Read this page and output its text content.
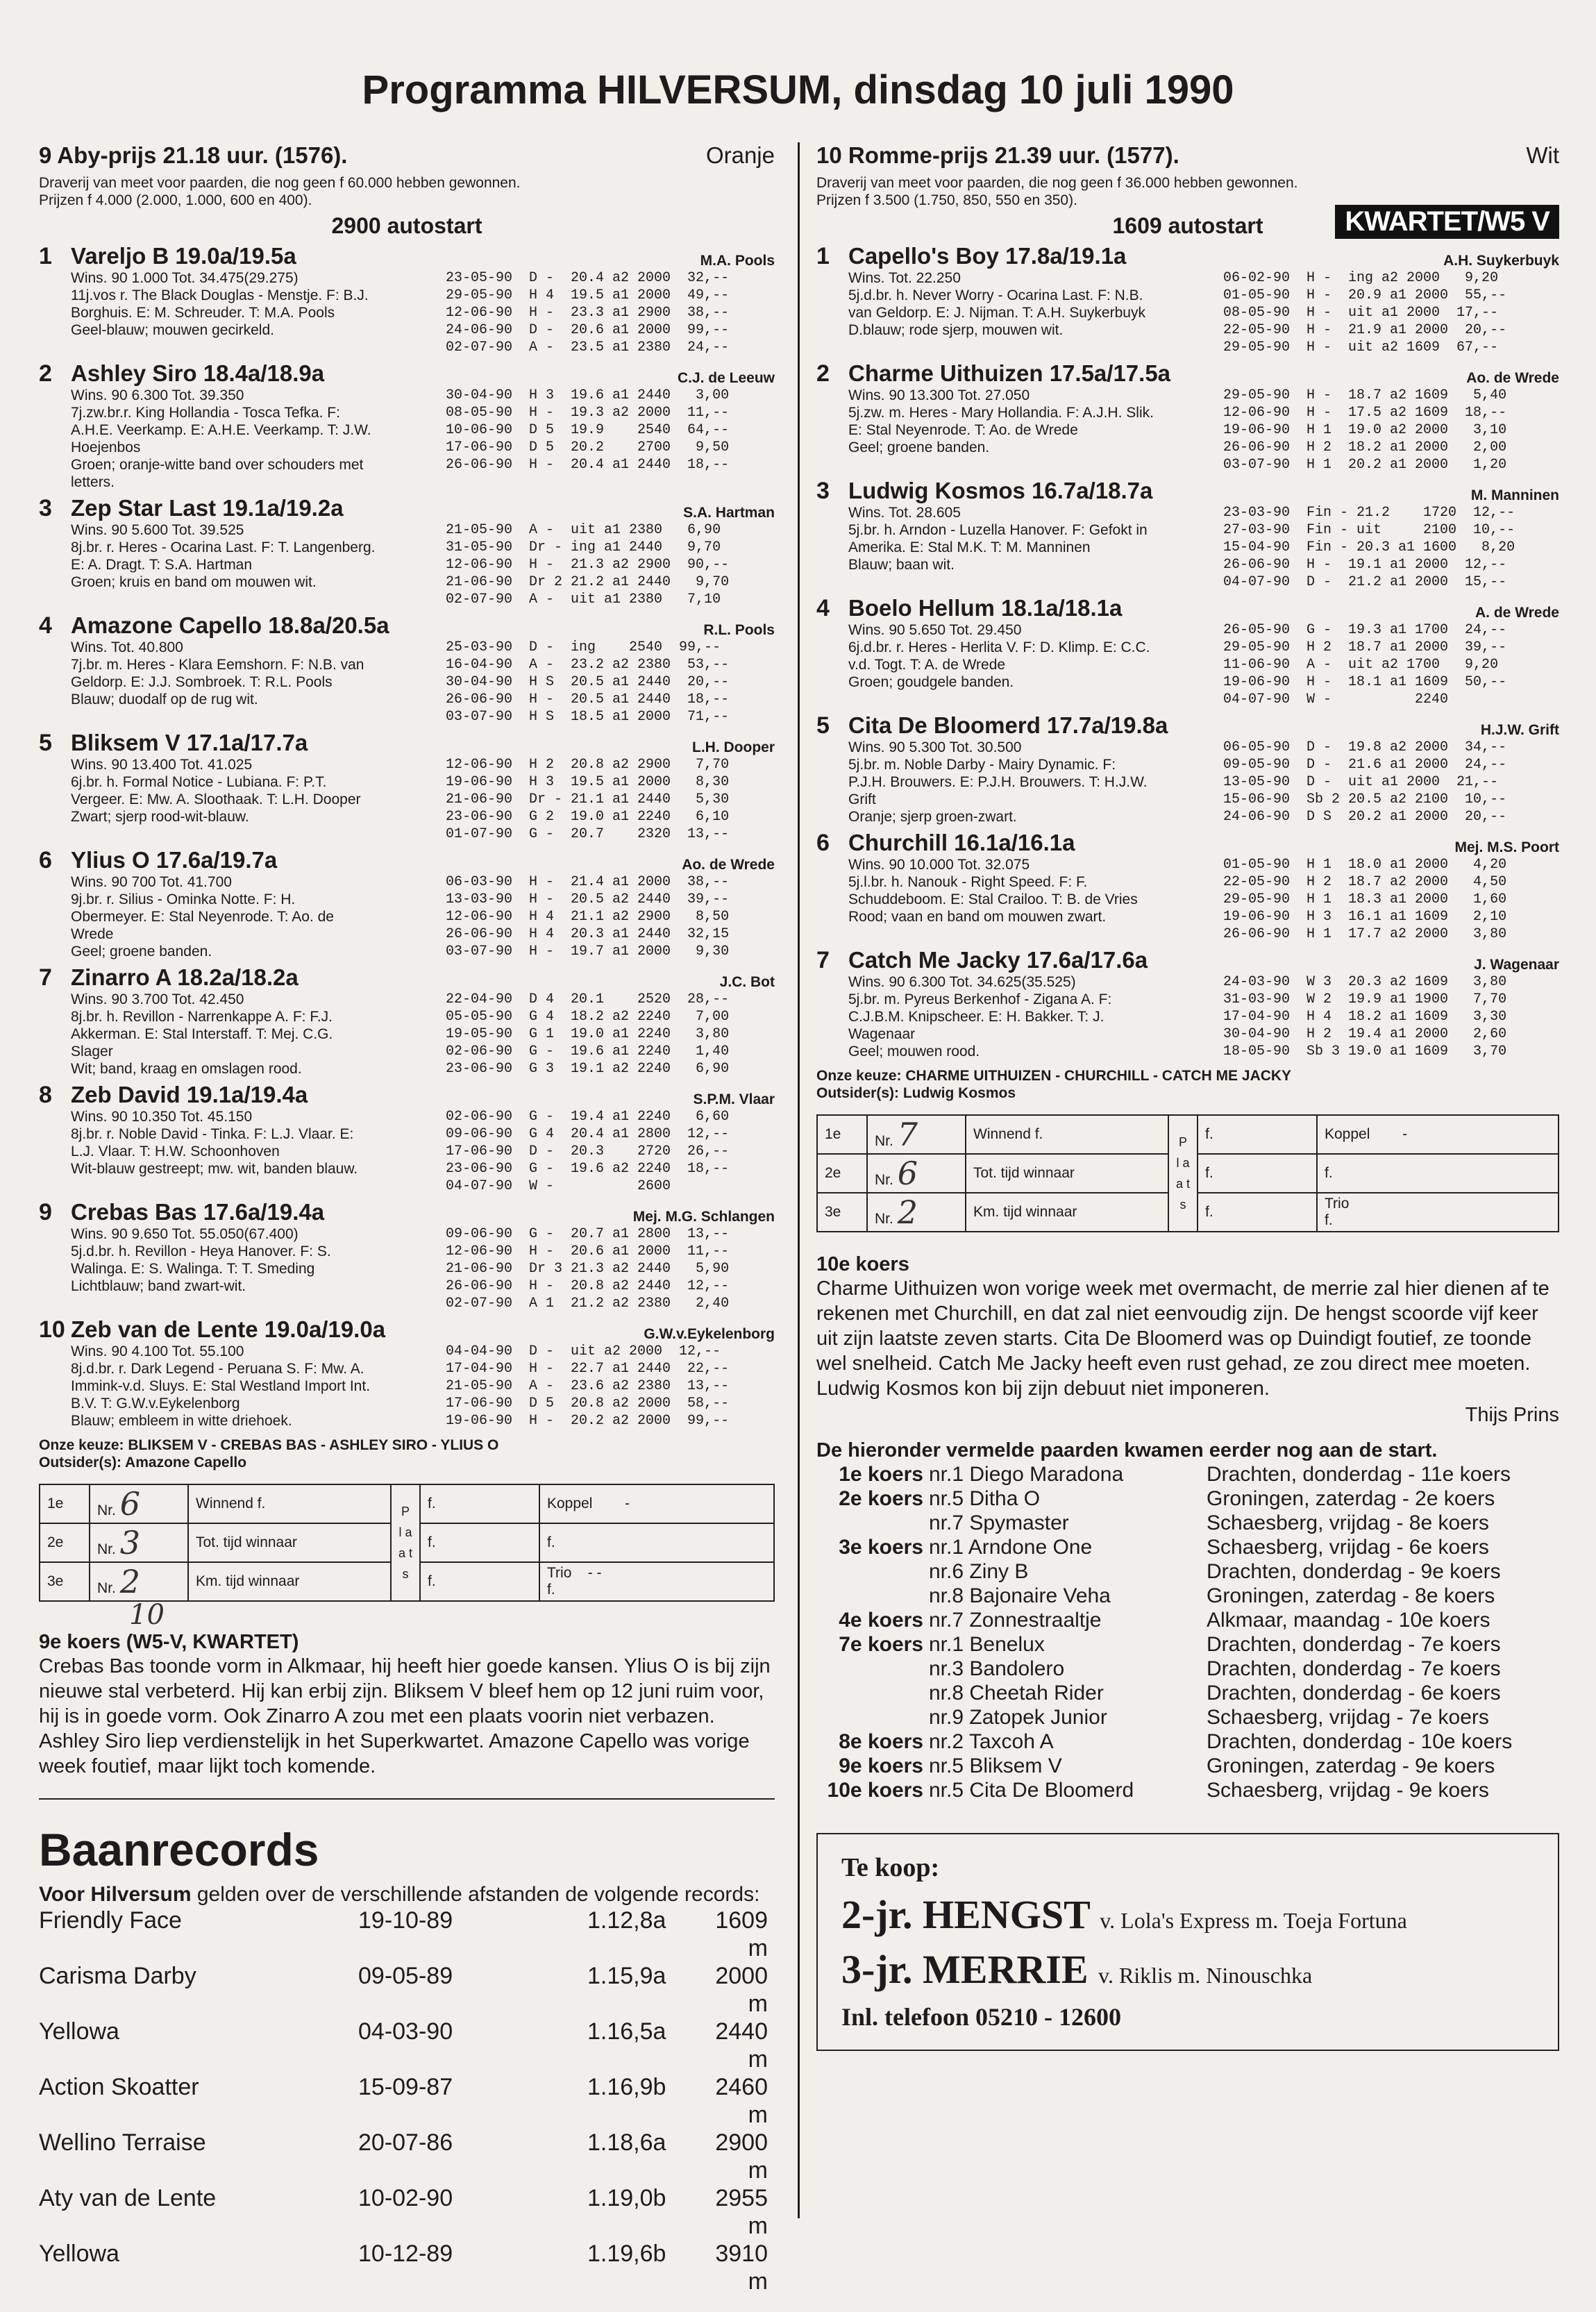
Programma HILVERSUM, dinsdag 10 juli 1990
9 Aby-prijs 21.18 uur. (1576).	Oranje
Draverij van meet voor paarden, die nog geen f 60.000 hebben gewonnen.
Prijzen f 4.000 (2.000, 1.000, 600 en 400).
2900 autostart
1 Vareljo B 19.0a/19.5a	M.A. Pools
Wins. 90 1.000 Tot. 34.475(29.275)
11j.vos r. The Black Douglas - Menstje. F: B.J.
Borghuis. E: M. Schreuder. T: M.A. Pools
Geel-blauw; mouwen gecirkeld.
23-05-90  D -  20.4 a2 2000  32,--
29-05-90  H 4  19.5 a1 2000  49,--
12-06-90  H -  23.3 a1 2900  38,--
24-06-90  D -  20.6 a1 2000  99,--
02-07-90  A -  23.5 a1 2380  24,--
2 Ashley Siro 18.4a/18.9a	C.J. de Leeuw
Wins. 90 6.300 Tot. 39.350
7j.zw.br.r. King Hollandia - Tosca Tefka. F:
A.H.E. Veerkamp. E: A.H.E. Veerkamp. T: J.W.
Hoejenbos
Groen; oranje-witte band over schouders met
letters.
30-04-90  H 3  19.6 a1 2440   3,00
08-05-90  H -  19.3 a2 2000  11,--
10-06-90  D 5  19.9    2540  64,--
17-06-90  D 5  20.2    2700   9,50
26-06-90  H -  20.4 a1 2440  18,--
3 Zep Star Last 19.1a/19.2a	S.A. Hartman
Wins. 90 5.600 Tot. 39.525
8j.br. r. Heres - Ocarina Last. F: T. Langenberg.
E: A. Dragt. T: S.A. Hartman
Groen; kruis en band om mouwen wit.
21-05-90  A -  uit a1 2380   6,90
31-05-90  Dr - ing a1 2440   9,70
12-06-90  H -  21.3 a2 2900  90,--
21-06-90  Dr 2 21.2 a1 2440   9,70
02-07-90  A -  uit a1 2380   7,10
4 Amazone Capello 18.8a/20.5a	R.L. Pools
Wins. Tot. 40.800
7j.br. m. Heres - Klara Eemshorn. F: N.B. van
Geldorp. E: J.J. Sombroek. T: R.L. Pools
Blauw; duodalf op de rug wit.
25-03-90  D -  ing    2540  99,--
16-04-90  A -  23.2 a2 2380  53,--
30-04-90  H S  20.5 a1 2440  20,--
26-06-90  H -  20.5 a1 2440  18,--
03-07-90  H S  18.5 a1 2000  71,--
5 Bliksem V 17.1a/17.7a	L.H. Dooper
Wins. 90 13.400 Tot. 41.025
6j.br. h. Formal Notice - Lubiana. F: P.T.
Vergeer. E: Mw. A. Sloothaak. T: L.H. Dooper
Zwart; sjerp rood-wit-blauw.
12-06-90  H 2  20.8 a2 2900   7,70
19-06-90  H 3  19.5 a1 2000   8,30
21-06-90  Dr - 21.1 a1 2440   5,30
23-06-90  G 2  19.0 a1 2240   6,10
01-07-90  G -  20.7    2320  13,--
6 Ylius O 17.6a/19.7a	Ao. de Wrede
Wins. 90 700 Tot. 41.700
9j.br. r. Silius - Ominka Notte. F: H.
Obermeyer. E: Stal Neyenrode. T: Ao. de
Wrede
Geel; groene banden.
06-03-90  H -  21.4 a1 2000  38,--
13-03-90  H -  20.5 a2 2440  39,--
12-06-90  H 4  21.1 a2 2900   8,50
26-06-90  H 4  20.3 a1 2440  32,15
03-07-90  H -  19.7 a1 2000   9,30
7 Zinarro A 18.2a/18.2a	J.C. Bot
Wins. 90 3.700 Tot. 42.450
8j.br. h. Revillon - Narrenkappe A. F: F.J.
Akkerman. E: Stal Interstaff. T: Mej. C.G.
Slager
Wit; band, kraag en omslagen rood.
22-04-90  D 4  20.1    2520  28,--
05-05-90  G 4  18.2 a2 2240   7,00
19-05-90  G 1  19.0 a1 2240   3,80
02-06-90  G -  19.6 a1 2240   1,40
23-06-90  G 3  19.1 a2 2240   6,90
8 Zeb David 19.1a/19.4a	S.P.M. Vlaar
Wins. 90 10.350 Tot. 45.150
8j.br. r. Noble David - Tinka. F: L.J. Vlaar. E:
L.J. Vlaar. T: H.W. Schoonhoven
Wit-blauw gestreept; mw. wit, banden blauw.
02-06-90  G -  19.4 a1 2240   6,60
09-06-90  G 4  20.4 a1 2800  12,--
17-06-90  D -  20.3    2720  26,--
23-06-90  G -  19.6 a2 2240  18,--
04-07-90  W -          2600
9 Crebas Bas 17.6a/19.4a	Mej. M.G. Schlangen
Wins. 90 9.650 Tot. 55.050(67.400)
5j.d.br. h. Revillon - Heya Hanover. F: S.
Walinga. E: S. Walinga. T: T. Smeding
Lichtblauw; band zwart-wit.
09-06-90  G -  20.7 a1 2800  13,--
12-06-90  H -  20.6 a1 2000  11,--
21-06-90  Dr 3 21.3 a2 2440   5,90
26-06-90  H -  20.8 a2 2440  12,--
02-07-90  A 1  21.2 a2 2380   2,40
10 Zeb van de Lente 19.0a/19.0a	G.W.v.Eykelenborg
Wins. 90 4.100 Tot. 55.100
8j.d.br. r. Dark Legend - Peruana S. F: Mw. A.
Immink-v.d. Sluys. E: Stal Westland Import Int.
B.V. T: G.W.v.Eykelenborg
Blauw; embleem in witte driehoek.
04-04-90  D -  uit a2 2000  12,--
17-04-90  H -  22.7 a1 2440  22,--
21-05-90  A -  23.6 a2 2380  13,--
17-06-90  D 5  20.8 a2 2000  58,--
19-06-90  H -  20.2 a2 2000  99,--
Onze keuze: BLIKSEM V - CREBAS BAS - ASHLEY SIRO - YLIUS O
Outsider(s): Amazone Capello
1e	Nr. 6	Winnend f.	P l a a t s	f.	Koppel -
2e	Nr. 3	Tot. tijd winnaar		f.	f.
3e	Nr. 2	Km. tijd winnaar		f.	Trio - -
f.
10
9e koers (W5-V, KWARTET)
Crebas Bas toonde vorm in Alkmaar, hij heeft hier goede kansen. Ylius O is bij zijn nieuwe stal verbeterd. Hij kan erbij zijn. Bliksem V bleef hem op 12 juni ruim voor, hij is in goede vorm. Ook Zinarro A zou met een plaats voorin niet verbazen. Ashley Siro liep verdienstelijk in het Superkwartet. Amazone Capello was vorige week foutief, maar lijkt toch komende.
Baanrecords
Voor Hilversum gelden over de verschillende afstanden de volgende records:
Friendly Face	19-10-89	1.12,8a	1609 m
Carisma Darby	09-05-89	1.15,9a	2000 m
Yellowa	04-03-90	1.16,5a	2440 m
Action Skoatter	15-09-87	1.16,9b	2460 m
Wellino Terraise	20-07-86	1.18,6a	2900 m
Aty van de Lente	10-02-90	1.19,0b	2955 m
Yellowa	10-12-89	1.19,6b	3910 m
10 Romme-prijs 21.39 uur. (1577).	Wit
Draverij van meet voor paarden, die nog geen f 36.000 hebben gewonnen.
Prijzen f 3.500 (1.750, 850, 550 en 350).
1609 autostart	KWARTET/W5 V
1 Capello's Boy 17.8a/19.1a	A.H. Suykerbuyk
Wins. Tot. 22.250
5j.d.br. h. Never Worry - Ocarina Last. F: N.B.
van Geldorp. E: J. Nijman. T: A.H. Suykerbuyk
D.blauw; rode sjerp, mouwen wit.
06-02-90  H -  ing a2 2000   9,20
01-05-90  H -  20.9 a1 2000  55,--
08-05-90  H -  uit a1 2000  17,--
22-05-90  H -  21.9 a1 2000  20,--
29-05-90  H -  uit a2 1609  67,--
2 Charme Uithuizen 17.5a/17.5a	Ao. de Wrede
Wins. 90 13.300 Tot. 27.050
5j.zw. m. Heres - Mary Hollandia. F: A.J.H. Slik.
E: Stal Neyenrode. T: Ao. de Wrede
Geel; groene banden.
29-05-90  H -  18.7 a2 1609   5,40
12-06-90  H -  17.5 a2 1609  18,--
19-06-90  H 1  19.0 a2 2000   3,10
26-06-90  H 2  18.2 a1 2000   2,00
03-07-90  H 1  20.2 a1 2000   1,20
3 Ludwig Kosmos 16.7a/18.7a	M. Manninen
Wins. Tot. 28.605
5j.br. h. Arndon - Luzella Hanover. F: Gefokt in
Amerika. E: Stal M.K. T: M. Manninen
Blauw; baan wit.
23-03-90  Fin - 21.2    1720  12,--
27-03-90  Fin - uit     2100  10,--
15-04-90  Fin - 20.3 a1 1600   8,20
26-06-90  H -  19.1 a1 2000  12,--
04-07-90  D -  21.2 a1 2000  15,--
4 Boelo Hellum 18.1a/18.1a	A. de Wrede
Wins. 90 5.650 Tot. 29.450
6j.d.br. r. Heres - Herlita V. F: D. Klimp. E: C.C.
v.d. Togt. T: A. de Wrede
Groen; goudgele banden.
26-05-90  G -  19.3 a1 1700  24,--
29-05-90  H 2  18.7 a1 2000  39,--
11-06-90  A -  uit a2 1700   9,20
19-06-90  H -  18.1 a1 1609  50,--
04-07-90  W -          2240
5 Cita De Bloomerd 17.7a/19.8a	H.J.W. Grift
Wins. 90 5.300 Tot. 30.500
5j.br. m. Noble Darby - Mairy Dynamic. F:
P.J.H. Brouwers. E: P.J.H. Brouwers. T: H.J.W.
Grift
Oranje; sjerp groen-zwart.
06-05-90  D -  19.8 a2 2000  34,--
09-05-90  D -  21.6 a1 2000  24,--
13-05-90  D -  uit a1 2000  21,--
15-06-90  Sb 2 20.5 a2 2100  10,--
24-06-90  D S  20.2 a1 2000  20,--
6 Churchill 16.1a/16.1a	Mej. M.S. Poort
Wins. 90 10.000 Tot. 32.075
5j.l.br. h. Nanouk - Right Speed. F: F.
Schuddeboom. E: Stal Crailoo. T: B. de Vries
Rood; vaan en band om mouwen zwart.
01-05-90  H 1  18.0 a1 2000   4,20
22-05-90  H 2  18.7 a2 2000   4,50
29-05-90  H 1  18.3 a1 2000   1,60
19-06-90  H 3  16.1 a1 1609   2,10
26-06-90  H 1  17.7 a2 2000   3,80
7 Catch Me Jacky 17.6a/17.6a	J. Wagenaar
Wins. 90 6.300 Tot. 34.625(35.525)
5j.br. m. Pyreus Berkenhof - Zigana A. F:
C.J.B.M. Knipscheer. E: H. Bakker. T: J.
Wagenaar
Geel; mouwen rood.
24-03-90  W 3  20.3 a2 1609   3,80
31-03-90  W 2  19.9 a1 1900   7,70
17-04-90  H 4  18.2 a1 1609   3,30
30-04-90  H 2  19.4 a1 2000   2,60
18-05-90  Sb 3 19.0 a1 1609   3,70
Onze keuze: CHARME UITHUIZEN - CHURCHILL - CATCH ME JACKY
Outsider(s): Ludwig Kosmos
1e	Nr. 7	Winnend f.	P l a a t s	f.	Koppel -
2e	Nr. 6	Tot. tijd winnaar		f.	f.
3e	Nr. 2	Km. tijd winnaar		f.	Trio
f.
10e koers
Charme Uithuizen won vorige week met overmacht, de merrie zal hier dienen af te rekenen met Churchill, en dat zal niet eenvoudig zijn. De hengst scoorde vijf keer uit zijn laatste zeven starts. Cita De Bloomerd was op Duindigt foutief, ze toonde wel snelheid. Catch Me Jacky heeft even rust gehad, ze zou direct mee moeten. Ludwig Kosmos kon bij zijn debuut niet imponeren.
Thijs Prins
De hieronder vermelde paarden kwamen eerder nog aan de start.
1e koers nr.1 Diego Maradona	Drachten, donderdag - 11e koers
2e koers nr.5 Ditha O	Groningen, zaterdag - 2e koers
nr.7 Spymaster	Schaesberg, vrijdag - 8e koers
3e koers nr.1 Arndone One	Schaesberg, vrijdag - 6e koers
nr.6 Ziny B	Drachten, donderdag - 9e koers
nr.8 Bajonaire Veha	Groningen, zaterdag - 8e koers
4e koers nr.7 Zonnestraaltje	Alkmaar, maandag - 10e koers
7e koers nr.1 Benelux	Drachten, donderdag - 7e koers
nr.3 Bandolero	Drachten, donderdag - 7e koers
nr.8 Cheetah Rider	Drachten, donderdag - 6e koers
nr.9 Zatopek Junior	Schaesberg, vrijdag - 7e koers
8e koers nr.2 Taxcoh A	Drachten, donderdag - 10e koers
9e koers nr.5 Bliksem V	Groningen, zaterdag - 9e koers
10e koers nr.5 Cita De Bloomerd	Schaesberg, vrijdag - 9e koers
Te koop:
2-jr. HENGST v. Lola's Express m. Toeja Fortuna
3-jr. MERRIE v. Riklis m. Ninouschka
Inl. telefoon 05210 - 12600
